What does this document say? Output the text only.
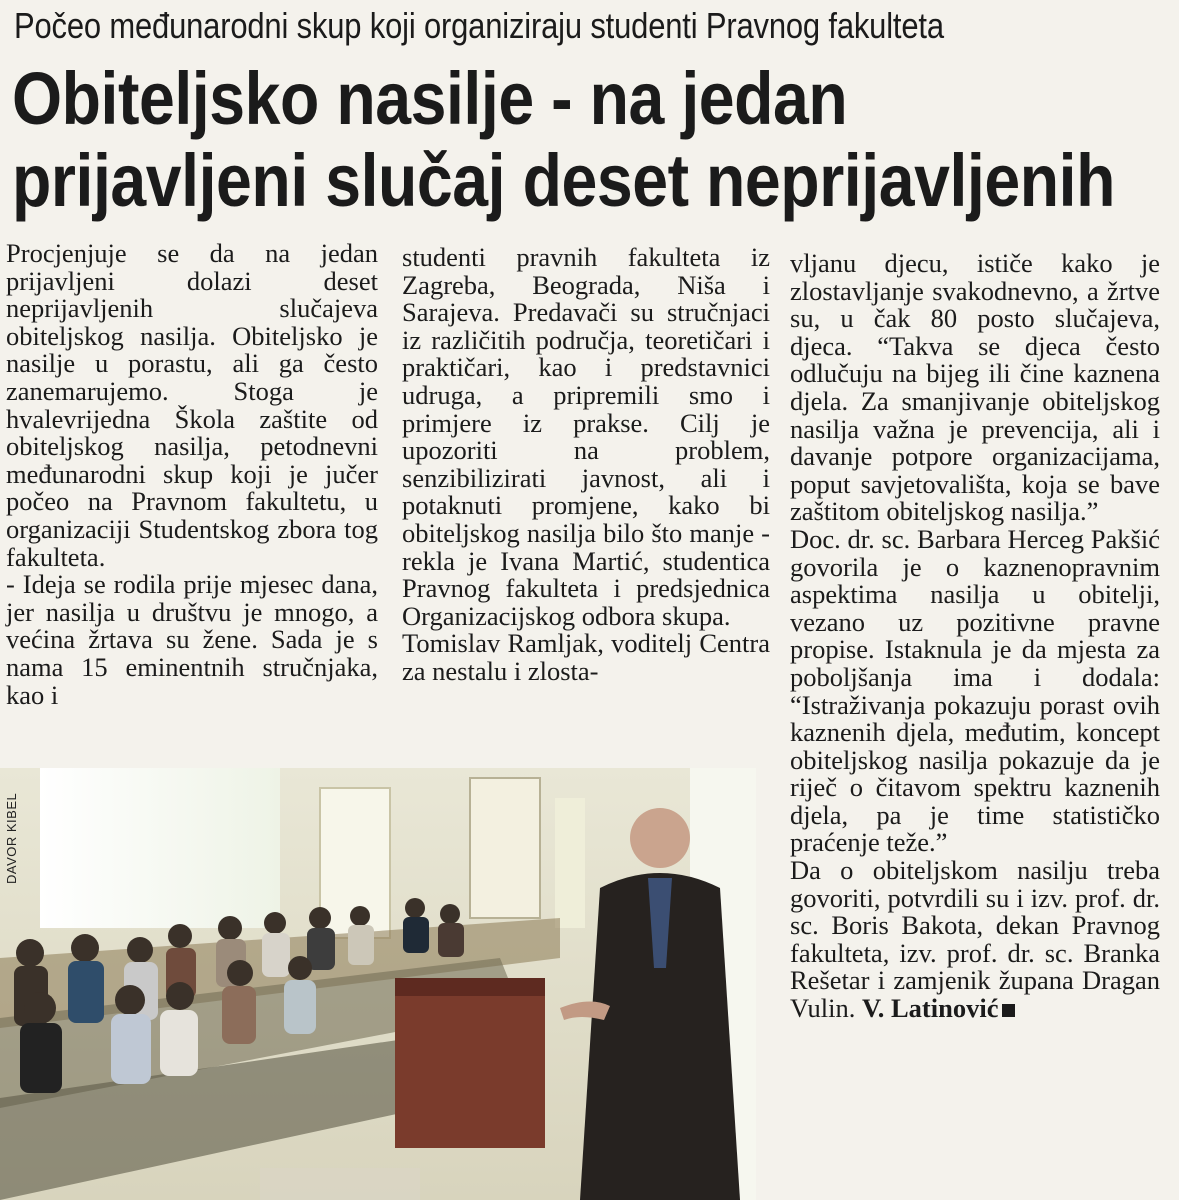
Počeo međunarodni skup koji organiziraju studenti Pravnog fakulteta
Obiteljsko nasilje - na jedan
prijavljeni slučaj deset neprijavljenih

Procjenjuje se da na jedan prijavljeni dolazi deset neprijavljenih slučajeva obiteljskog nasilja. Obiteljsko je nasilje u porastu, ali ga često zanemarujemo. Stoga je hvalevrijedna Škola zaštite od obiteljskog nasilja, petodnevni međunarodni skup koji je jučer počeo na Pravnom fakultetu, u organizaciji Studentskog zbora tog fakulteta.

- Ideja se rodila prije mjesec dana, jer nasilja u društvu je mnogo, a većina žrtava su žene. Sada je s nama 15 eminentnih stručnjaka, kao i

studenti pravnih fakulteta iz Zagreba, Beograda, Niša i Sarajeva. Predavači su stručnjaci iz različitih područja, teoretičari i praktičari, kao i predstavnici udruga, a pripremili smo i primjere iz prakse. Cilj je upozoriti na problem, senzibilizirati javnost, ali i potaknuti promjene, kako bi obiteljskog nasilja bilo što manje - rekla je Ivana Martić, studentica Pravnog fakulteta i predsjednica Organizacijskog odbora skupa.

Tomislav Ramljak, voditelj Centra za nestalu i zlosta-

vljanu djecu, ističe kako je zlostavljanje svakodnevno, a žrtve su, u čak 80 posto slučajeva, djeca. “Takva se djeca često odlučuju na bijeg ili čine kaznena djela. Za smanjivanje obiteljskog nasilja važna je prevencija, ali i davanje potpore organizacijama, poput savjetovališta, koja se bave zaštitom obiteljskog nasilja.”

Doc. dr. sc. Barbara Herceg Pakšić govorila je o kaznenopravnim aspektima nasilja u obitelji, vezano uz pozitivne pravne propise. Istaknula je da mjesta za poboljšanja ima i dodala: “Istraživanja pokazuju porast ovih kaznenih djela, međutim, koncept obiteljskog nasilja pokazuje da je riječ o čitavom spektru kaznenih djela, pa je time statističko praćenje teže.”

Da o obiteljskom nasilju treba govoriti, potvrdili su i izv. prof. dr. sc. Boris Bakota, dekan Pravnog fakulteta, izv. prof. dr. sc. Branka Rešetar i zamjenik župana Dragan Vulin. V. Latinović

DAVOR KIBEL
